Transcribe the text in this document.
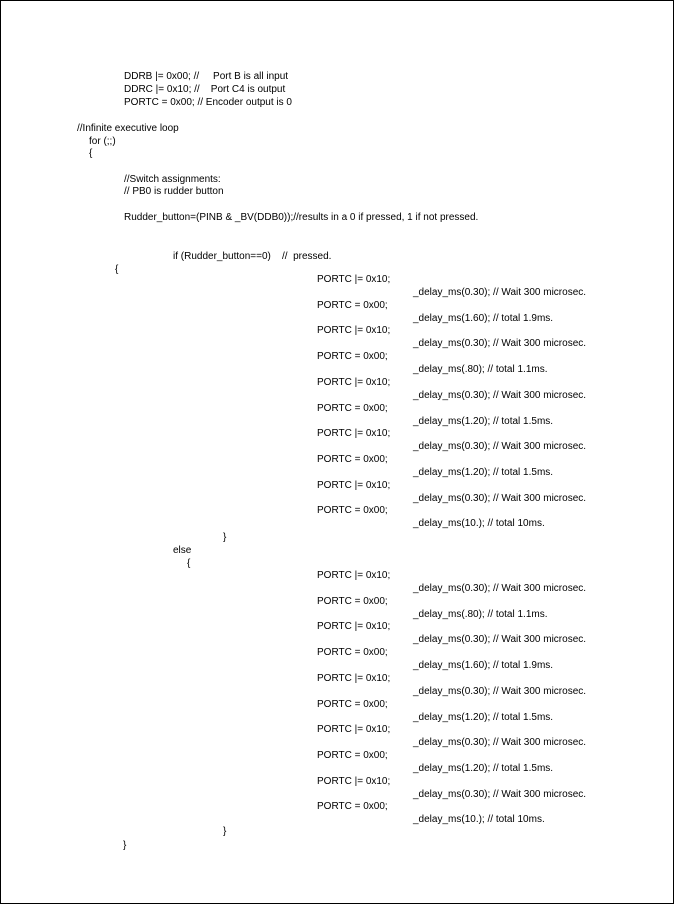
DDRB |= 0x00; //     Port B is all input
DDRC |= 0x10; //    Port C4 is output
PORTC = 0x00; // Encoder output is 0
//Infinite executive loop
for (;;)
{
//Switch assignments:
// PB0 is rudder button
Rudder_button=(PINB & _BV(DDB0));//results in a 0 if pressed, 1 if not pressed.
if (Rudder_button==0)    //  pressed.
{
PORTC |= 0x10;
_delay_ms(0.30); // Wait 300 microsec.
PORTC = 0x00;
_delay_ms(1.60); // total 1.9ms.
PORTC |= 0x10;
_delay_ms(0.30); // Wait 300 microsec.
PORTC = 0x00;
_delay_ms(.80); // total 1.1ms.
PORTC |= 0x10;
_delay_ms(0.30); // Wait 300 microsec.
PORTC = 0x00;
_delay_ms(1.20); // total 1.5ms.
PORTC |= 0x10;
_delay_ms(0.30); // Wait 300 microsec.
PORTC = 0x00;
_delay_ms(1.20); // total 1.5ms.
PORTC |= 0x10;
_delay_ms(0.30); // Wait 300 microsec.
PORTC = 0x00;
_delay_ms(10.); // total 10ms.
}
else
{
PORTC |= 0x10;
_delay_ms(0.30); // Wait 300 microsec.
PORTC = 0x00;
_delay_ms(.80); // total 1.1ms.
PORTC |= 0x10;
_delay_ms(0.30); // Wait 300 microsec.
PORTC = 0x00;
_delay_ms(1.60); // total 1.9ms.
PORTC |= 0x10;
_delay_ms(0.30); // Wait 300 microsec.
PORTC = 0x00;
_delay_ms(1.20); // total 1.5ms.
PORTC |= 0x10;
_delay_ms(0.30); // Wait 300 microsec.
PORTC = 0x00;
_delay_ms(1.20); // total 1.5ms.
PORTC |= 0x10;
_delay_ms(0.30); // Wait 300 microsec.
PORTC = 0x00;
_delay_ms(10.); // total 10ms.
}
}
